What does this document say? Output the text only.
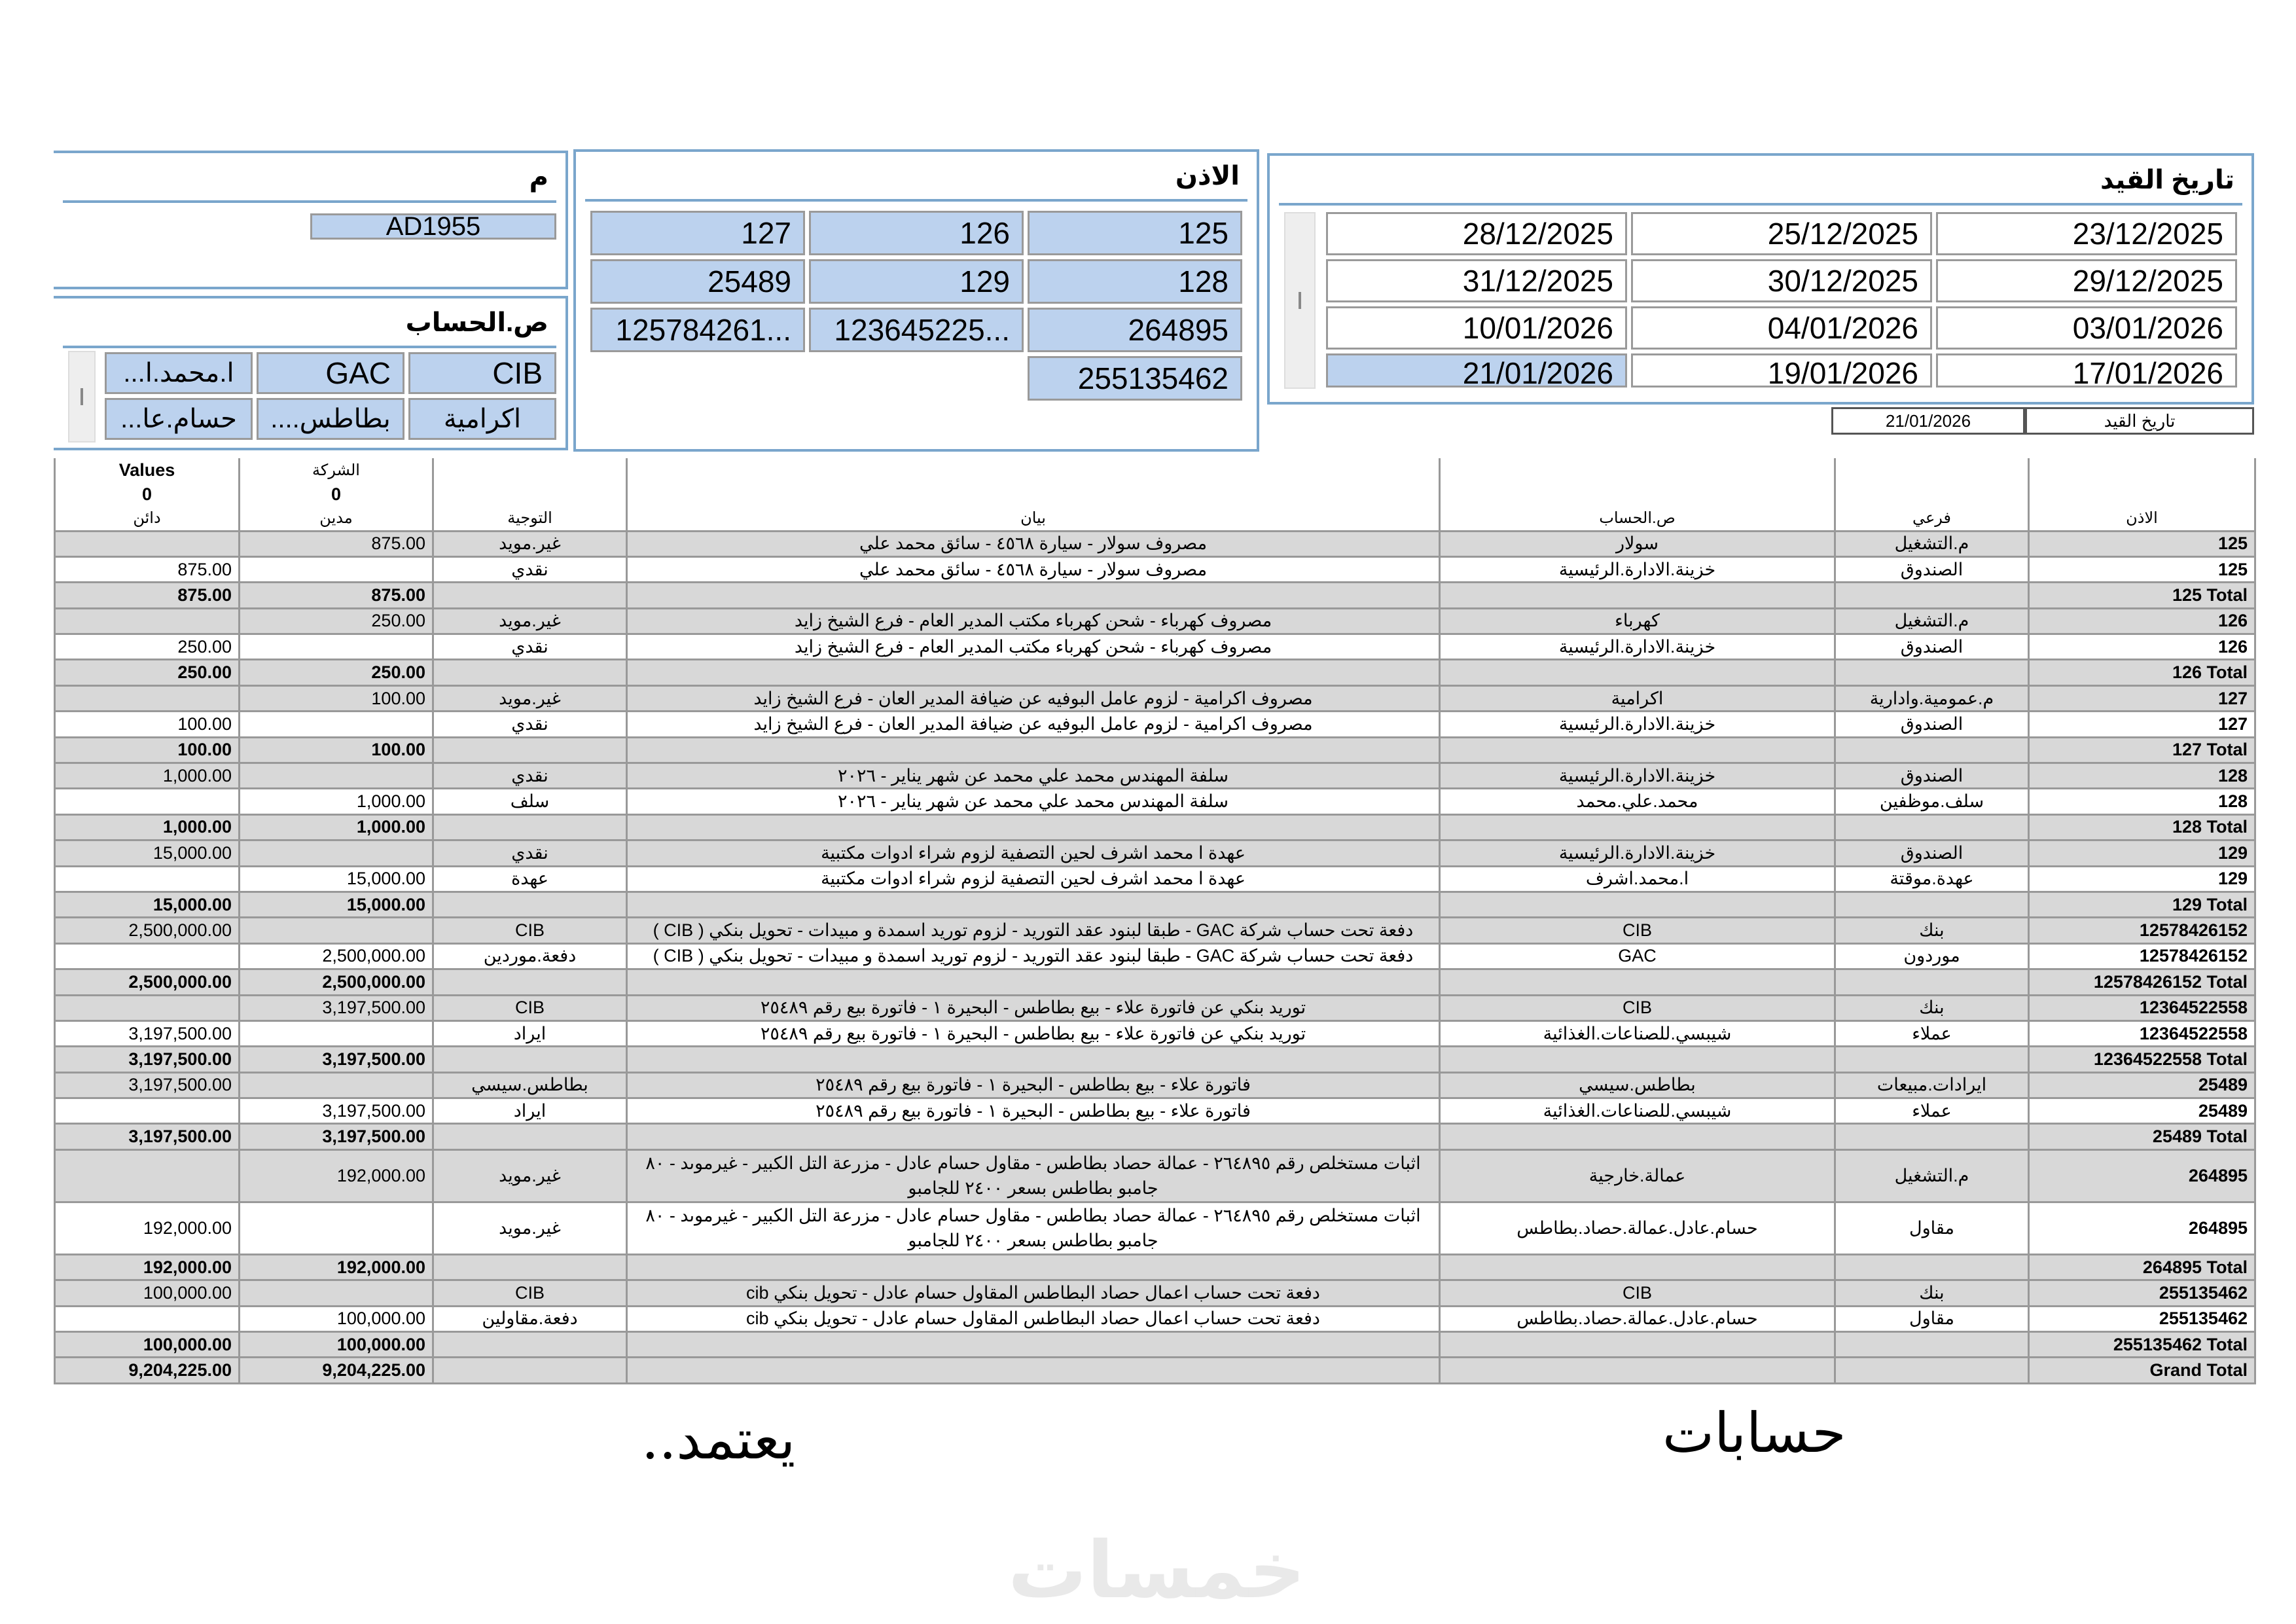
م
AD1955
ص.الحساب
CIB
GAC
ا.محمد.ا...
اكرامية
بطاطس....
حسام.عا...
الاذن
125
126
127
128
129
25489
264895
123645225...
125784261...
255135462
تاريخ القيد
23/12/2025
25/12/2025
28/12/2025
29/12/2025
30/12/2025
31/12/2025
03/01/2026
04/01/2026
10/01/2026
17/01/2026
19/01/2026
21/01/2026
تاريخ القيد
21/01/2026
Values	الشركة					
0	0					
دائن	مدين	التوجية	بيان	ص.الحساب	فرعي	الاذن
	875.00	غير.مويد	مصروف سولار - سيارة ٤٥٦٨ - سائق محمد علي	سولار	م.التشغيل	125
875.00		نقدي	مصروف سولار - سيارة ٤٥٦٨ - سائق محمد علي	خزينة.الادارة.الرئيسية	الصندوق	125
875.00	875.00					125 Total
	250.00	غير.مويد	مصروف كهرباء - شحن كهرباء مكتب المدير العام - فرع الشيخ زايد	كهرباء	م.التشغيل	126
250.00		نقدي	مصروف كهرباء - شحن كهرباء مكتب المدير العام - فرع الشيخ زايد	خزينة.الادارة.الرئيسية	الصندوق	126
250.00	250.00					126 Total
	100.00	غير.مويد	مصروف اكرامية - لزوم عامل البوفيه عن ضيافة المدير العان - فرع الشيخ زايد	اكرامية	م.عمومية.وادارية	127
100.00		نقدي	مصروف اكرامية - لزوم عامل البوفيه عن ضيافة المدير العان - فرع الشيخ زايد	خزينة.الادارة.الرئيسية	الصندوق	127
100.00	100.00					127 Total
1,000.00		نقدي	سلفة المهندس محمد علي محمد عن شهر يناير - ٢٠٢٦	خزينة.الادارة.الرئيسية	الصندوق	128
	1,000.00	سلف	سلفة المهندس محمد علي محمد عن شهر يناير - ٢٠٢٦	محمد.علي.محمد	سلف.موظفين	128
1,000.00	1,000.00					128 Total
15,000.00		نقدي	عهدة ا محمد اشرف لحين التصفية لزوم شراء ادوات مكتبية	خزينة.الادارة.الرئيسية	الصندوق	129
	15,000.00	عهدة	عهدة ا محمد اشرف لحين التصفية لزوم شراء ادوات مكتبية	ا.محمد.اشرف	عهدة.موقتة	129
15,000.00	15,000.00					129 Total
2,500,000.00		CIB	دفعة تحت حساب شركة GAC - طبقا لبنود عقد التوريد - لزوم توريد اسمدة و مبيدات - تحويل بنكي ( CIB )	CIB	بنك	12578426152
	2,500,000.00	دفعة.موردين	دفعة تحت حساب شركة GAC - طبقا لبنود عقد التوريد - لزوم توريد اسمدة و مبيدات - تحويل بنكي ( CIB )	GAC	موردون	12578426152
2,500,000.00	2,500,000.00					12578426152 Total
	3,197,500.00	CIB	توريد بنكي عن فاتورة علاء - بيع بطاطس - البحيرة ١ - فاتورة بيع رقم ٢٥٤٨٩	CIB	بنك	12364522558
3,197,500.00		ايراد	توريد بنكي عن فاتورة علاء - بيع بطاطس - البحيرة ١ - فاتورة بيع رقم ٢٥٤٨٩	شيبسي.للصناعات.الغذائية	عملاء	12364522558
3,197,500.00	3,197,500.00					12364522558 Total
3,197,500.00		بطاطس.سيسي	فاتورة علاء - بيع بطاطس - البحيرة ١ - فاتورة بيع رقم ٢٥٤٨٩	بطاطس.سيسي	ايرادات.مبيعات	25489
	3,197,500.00	ايراد	فاتورة علاء - بيع بطاطس - البحيرة ١ - فاتورة بيع رقم ٢٥٤٨٩	شيبسي.للصناعات.الغذائية	عملاء	25489
3,197,500.00	3,197,500.00					25489 Total
	192,000.00	غير.مويد	اثبات مستخلص رقم ٢٦٤٨٩٥ - عمالة حصاد بطاطس - مقاول حسام عادل - مزرعة التل الكبير - غيرموىد - ٨٠ جامبو بطاطس بسعر ٢٤٠٠ للجامبو	عمالة.خارجية	م.التشغيل	264895
192,000.00		غير.مويد	اثبات مستخلص رقم ٢٦٤٨٩٥ - عمالة حصاد بطاطس - مقاول حسام عادل - مزرعة التل الكبير - غيرموىد - ٨٠ جامبو بطاطس بسعر ٢٤٠٠ للجامبو	حسام.عادل.عمالة.حصاد.بطاطس	مقاول	264895
192,000.00	192,000.00					264895 Total
100,000.00		CIB	دفعة تحت حساب اعمال حصاد البطاطس المقاول حسام عادل - تحويل بنكي cib	CIB	بنك	255135462
	100,000.00	دفعة.مقاولين	دفعة تحت حساب اعمال حصاد البطاطس المقاول حسام عادل - تحويل بنكي cib	حسام.عادل.عمالة.حصاد.بطاطس	مقاول	255135462
100,000.00	100,000.00					255135462 Total
9,204,225.00	9,204,225.00					Grand Total
حسابات
يعتمد..
خمسات
